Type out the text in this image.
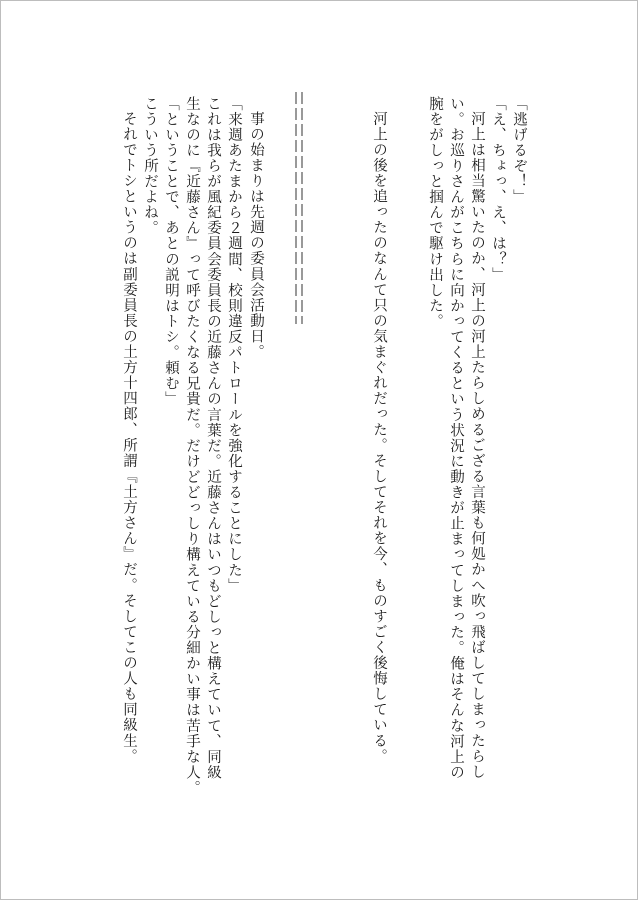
「逃げるぞ！」
「え、ちょっ、え、は？」
河上は相当驚いたのか、河上の河上たらしめるござる言葉も何処かへ吹っ飛ばしてしまったらし
い。お巡りさんがこちらに向かってくるという状況に動きが止まってしまった。俺はそんな河上の
腕をがしっと掴んで駆け出した。
河上の後を追ったのなんて只の気まぐれだった。そしてそれを今、ものすごく後悔している。
事の始まりは先週の委員会活動日。
「来週あたまから２週間、校則違反パトロールを強化することにした」
これは我らが風紀委員会委員長の近藤さんの言葉だ。近藤さんはいつもどしっと構えていて、同級
生なのに『近藤さん』って呼びたくなる兄貴だ。だけどどっしり構えている分細かい事は苦手な人。
「ということで、あとの説明はトシ。頼む」
こういう所だよね。
それでトシというのは副委員長の土方十四郎、所謂『土方さん』だ。そしてこの人も同級生。
